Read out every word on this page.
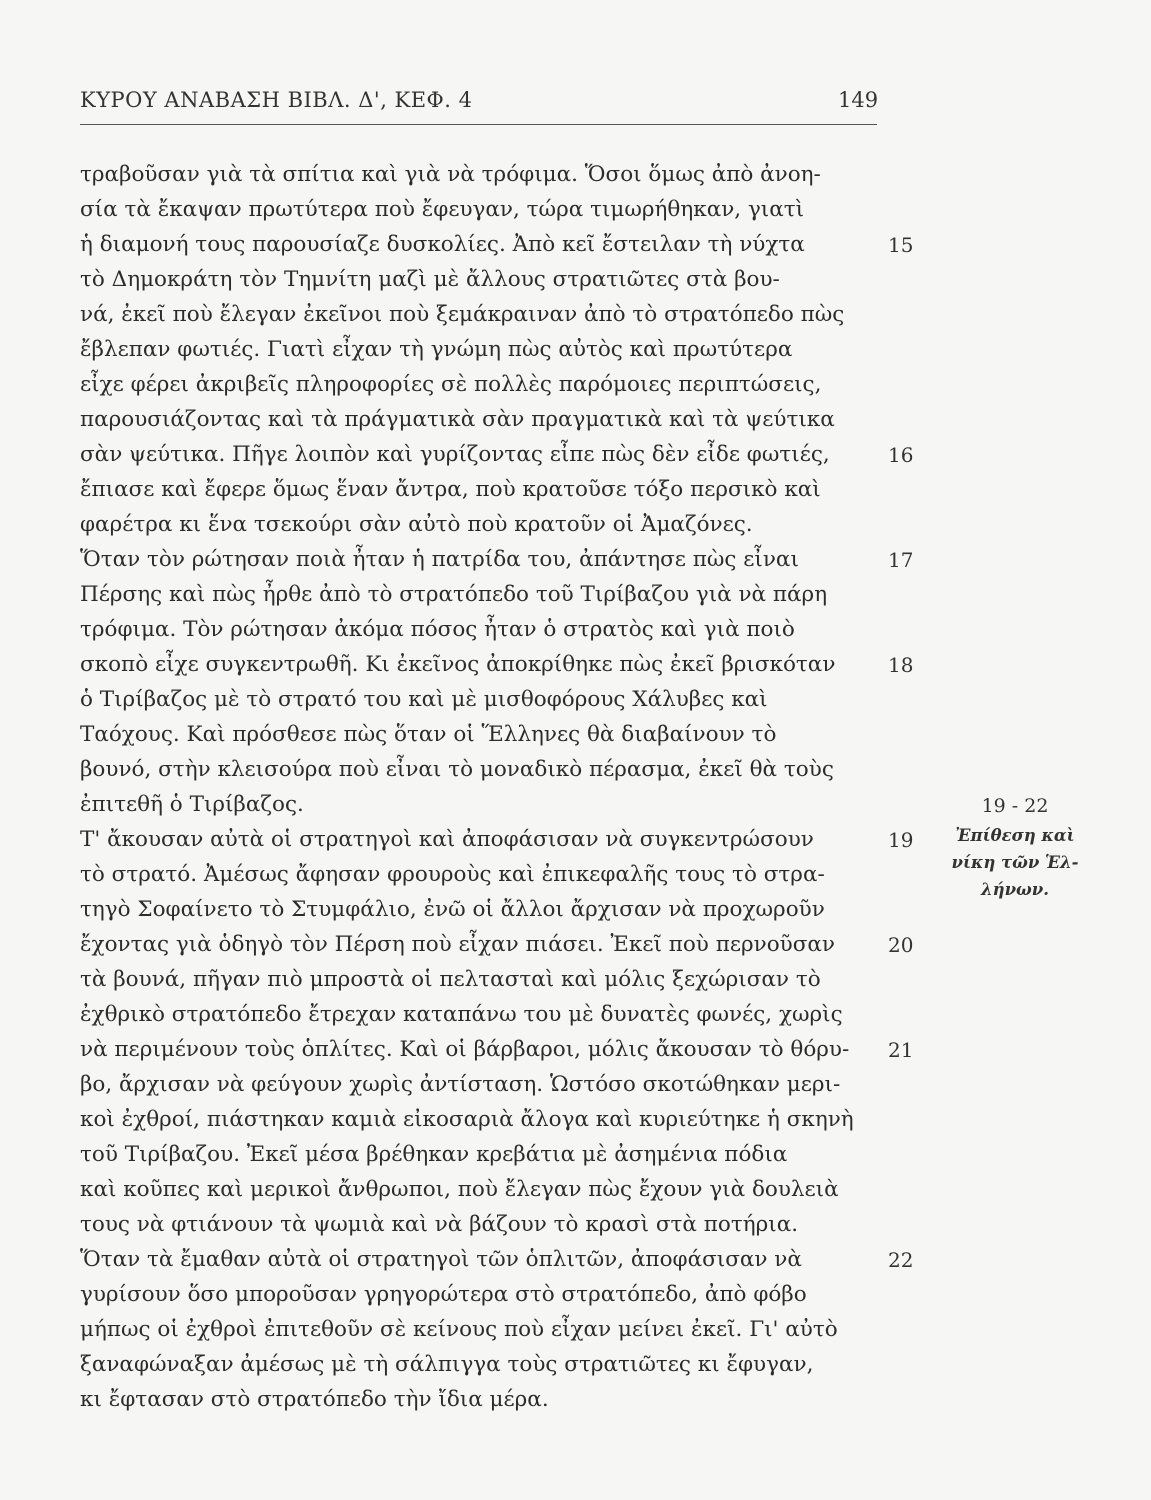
ΚΥΡΟΥ ΑΝΑΒΑΣΗ ΒΙΒΛ. Δ', ΚΕΦ. 4	149
τραβοῦσαν γιὰ τὰ σπίτια καὶ γιὰ νὰ τρόφιμα. Ὅσοι ὅμως ἀπὸ ἀνοη-
σία τὰ ἔκαψαν πρωτύτερα ποὺ ἔφευγαν, τώρα τιμωρήθηκαν, γιατὶ
ἡ διαμονή τους παρουσίαζε δυσκολίες. Ἀπὸ κεῖ ἔστειλαν τὴ νύχτα
τὸ Δημοκράτη τὸν Τημνίτη μαζὶ μὲ ἄλλους στρατιῶτες στὰ βου-
νά, ἐκεῖ ποὺ ἔλεγαν ἐκεῖνοι ποὺ ξεμάκραιναν ἀπὸ τὸ στρατόπεδο πὼς
ἔβλεπαν φωτιές. Γιατὶ εἶχαν τὴ γνώμη πὼς αὐτὸς καὶ πρωτύτερα
εἶχε φέρει ἀκριβεῖς πληροφορίες σὲ πολλὲς παρόμοιες περιπτώσεις,
παρουσιάζοντας καὶ τὰ πράγματικὰ σὰν πραγματικὰ καὶ τὰ ψεύτικα
σὰν ψεύτικα. Πῆγε λοιπὸν καὶ γυρίζοντας εἶπε πὼς δὲν εἶδε φωτιές,
ἔπιασε καὶ ἔφερε ὅμως ἕναν ἄντρα, ποὺ κρατοῦσε τόξο περσικὸ καὶ
φαρέτρα κι ἕνα τσεκούρι σὰν αὐτὸ ποὺ κρατοῦν οἱ Ἀμαζόνες.
Ὅταν τὸν ρώτησαν ποιὰ ἦταν ἡ πατρίδα του, ἀπάντησε πὼς εἶναι
Πέρσης καὶ πὼς ἦρθε ἀπὸ τὸ στρατόπεδο τοῦ Τιρίβαζου γιὰ νὰ πάρη
τρόφιμα. Τὸν ρώτησαν ἀκόμα πόσος ἦταν ὁ στρατὸς καὶ γιὰ ποιὸ
σκοπὸ εἶχε συγκεντρωθῆ. Κι ἐκεῖνος ἀποκρίθηκε πὼς ἐκεῖ βρισκόταν
ὁ Τιρίβαζος μὲ τὸ στρατό του καὶ μὲ μισθοφόρους Χάλυβες καὶ
Ταόχους. Καὶ πρόσθεσε πὼς ὅταν οἱ Ἕλληνες θὰ διαβαίνουν τὸ
βουνό, στὴν κλεισούρα ποὺ εἶναι τὸ μοναδικὸ πέρασμα, ἐκεῖ θὰ τοὺς
ἐπιτεθῆ ὁ Τιρίβαζος.
Τ' ἄκουσαν αὐτὰ οἱ στρατηγοὶ καὶ ἀποφάσισαν νὰ συγκεντρώσουν
τὸ στρατό. Ἀμέσως ἄφησαν φρουροὺς καὶ ἐπικεφαλῆς τους τὸ στρα-
τηγὸ Σοφαίνετο τὸ Στυμφάλιο, ἐνῶ οἱ ἄλλοι ἄρχισαν νὰ προχωροῦν
ἔχοντας γιὰ ὁδηγὸ τὸν Πέρση ποὺ εἶχαν πιάσει. Ἐκεῖ ποὺ περνοῦσαν
τὰ βουνά, πῆγαν πιὸ μπροστὰ οἱ πελτασταὶ καὶ μόλις ξεχώρισαν τὸ
ἐχθρικὸ στρατόπεδο ἔτρεχαν καταπάνω του μὲ δυνατὲς φωνές, χωρὶς
νὰ περιμένουν τοὺς ὁπλίτες. Καὶ οἱ βάρβαροι, μόλις ἄκουσαν τὸ θόρυ-
βο, ἄρχισαν νὰ φεύγουν χωρὶς ἀντίσταση. Ὡστόσο σκοτώθηκαν μερι-
κοὶ ἐχθροί, πιάστηκαν καμιὰ εἰκοσαριὰ ἄλογα καὶ κυριεύτηκε ἡ σκηνὴ
τοῦ Τιρίβαζου. Ἐκεῖ μέσα βρέθηκαν κρεβάτια μὲ ἀσημένια πόδια
καὶ κοῦπες καὶ μερικοὶ ἄνθρωποι, ποὺ ἔλεγαν πὼς ἔχουν γιὰ δουλειὰ
τους νὰ φτιάνουν τὰ ψωμιὰ καὶ νὰ βάζουν τὸ κρασὶ στὰ ποτήρια.
Ὅταν τὰ ἔμαθαν αὐτὰ οἱ στρατηγοὶ τῶν ὁπλιτῶν, ἀποφάσισαν νὰ
γυρίσουν ὅσο μποροῦσαν γρηγορώτερα στὸ στρατόπεδο, ἀπὸ φόβο
μήπως οἱ ἐχθροὶ ἐπιτεθοῦν σὲ κείνους ποὺ εἶχαν μείνει ἐκεῖ. Γι' αὐτὸ
ξαναφώναξαν ἀμέσως μὲ τὴ σάλπιγγα τοὺς στρατιῶτες κι ἔφυγαν,
κι ἔφτασαν στὸ στρατόπεδο τὴν ἴδια μέρα.
15
16
17
18
19
20
21
22
19 - 22
Ἐπίθεση καὶ
νίκη τῶν Ἑλ-
λήνων.
